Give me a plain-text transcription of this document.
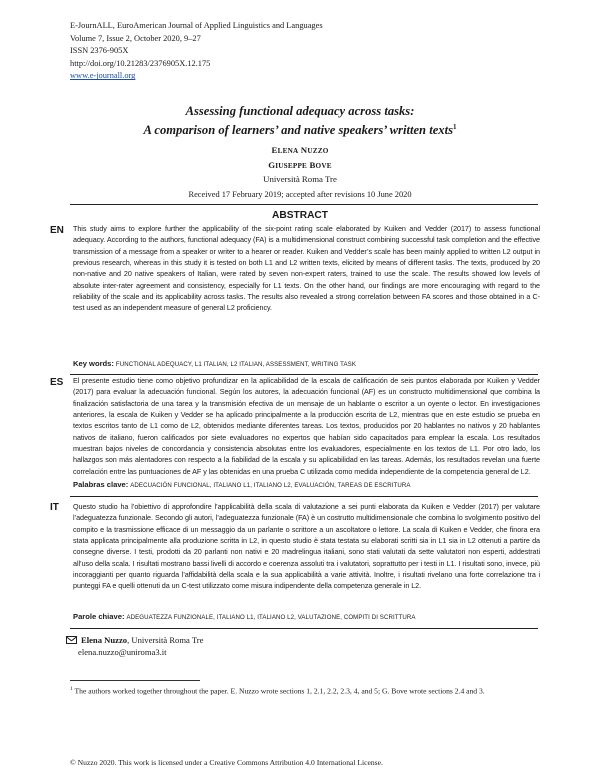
E-JournALL, EuroAmerican Journal of Applied Linguistics and Languages
Volume 7, Issue 2, October 2020, 9–27
ISSN 2376-905X
http://doi.org/10.21283/2376905X.12.175
www.e-journall.org
Assessing functional adequacy across tasks:
A comparison of learners’ and native speakers’ written texts$^1$
ELENA NUZZO
GIUSEPPE BOVE
Università Roma Tre
Received 17 February 2019; accepted after revisions 10 June 2020
ABSTRACT
EN This study aims to explore further the applicability of the six-point rating scale elaborated by Kuiken and Vedder (2017) to assess functional adequacy. According to the authors, functional adequacy (FA) is a multidimensional construct combining successful task completion and the effective transmission of a message from a speaker or writer to a hearer or reader. Kuiken and Vedder’s scale has been mainly applied to written L2 output in previous research, whereas in this study it is tested on both L1 and L2 written texts, elicited by means of different tasks. The texts, produced by 20 non-native and 20 native speakers of Italian, were rated by seven non-expert raters, trained to use the scale. The results showed low levels of absolute inter-rater agreement and consistency, especially for L1 texts. On the other hand, our findings are more encouraging with regard to the reliability of the scale and its applicability across tasks. The results also revealed a strong correlation between FA scores and those obtained in a C-test used as an independent measure of general L2 proficiency.
Key words: FUNCTIONAL ADEQUACY, L1 ITALIAN, L2 ITALIAN, ASSESSMENT, WRITING TASK
ES El presente estudio tiene como objetivo profundizar en la aplicabilidad de la escala de calificación de seis puntos elaborada por Kuiken y Vedder (2017) para evaluar la adecuación funcional. Según los autores, la adecuación funcional (AF) es un constructo multidimensional que combina la finalización satisfactoria de una tarea y la transmisión efectiva de un mensaje de un hablante o escritor a un oyente o lector. En investigaciones anteriores, la escala de Kuiken y Vedder se ha aplicado principalmente a la producción escrita de L2, mientras que en este estudio se prueba en textos escritos tanto de L1 como de L2, obtenidos mediante diferentes tareas. Los textos, producidos por 20 hablantes no nativos y 20 hablantes nativos de italiano, fueron calificados por siete evaluadores no expertos que habían sido capacitados para emplear la escala. Los resultados muestran bajos niveles de concordancia y consistencia absolutas entre los evaluadores, especialmente en los textos de L1. Por otro lado, los hallazgos son más alentadores con respecto a la fiabilidad de la escala y su aplicabilidad en las tareas. Además, los resultados revelan una fuerte correlación entre las puntuaciones de AF y las obtenidas en una prueba C utilizada como medida independiente de la competencia general de L2.
Palabras clave: ADECUACIÓN FUNCIONAL, ITALIANO L1, ITALIANO L2, EVALUACIÓN, TAREAS DE ESCRITURA
IT Questo studio ha l’obiettivo di approfondire l’applicabilità della scala di valutazione a sei punti elaborata da Kuiken e Vedder (2017) per valutare l’adeguatezza funzionale. Secondo gli autori, l’adeguatezza funzionale (FA) è un costrutto multidimensionale che combina lo svolgimento positivo del compito e la trasmissione efficace di un messaggio da un parlante o scrittore a un ascoltatore o lettore. La scala di Kuiken e Vedder, che finora era stata applicata principalmente alla produzione scritta in L2, in questo studio è stata testata su elaborati scritti sia in L1 sia in L2 ottenuti a partire da consegne diverse. I testi, prodotti da 20 parlanti non nativi e 20 madrelingua italiani, sono stati valutati da sette valutatori non esperti, addestrati all’uso della scala. I risultati mostrano bassi livelli di accordo e coerenza assoluti tra i valutatori, soprattutto per i testi in L1. I risultati sono, invece, più incoraggianti per quanto riguarda l’affidabilità della scala e la sua applicabilità a varie attività. Inoltre, i risultati rivelano una forte correlazione tra i punteggi FA e quelli ottenuti da un C-test utilizzato come misura indipendente della competenza generale in L2.
Parole chiave: ADEGUATEZZA FUNZIONALE, ITALIANO L1, ITALIANO L2, VALUTAZIONE, COMPITI DI SCRITTURA
Elena Nuzzo, Università Roma Tre
elena.nuzzo@uniroma3.it
$^1$ The authors worked together throughout the paper. E. Nuzzo wrote sections 1, 2.1, 2.2, 2.3, 4, and 5; G. Bove wrote sections 2.4 and 3.
© Nuzzo 2020. This work is licensed under a Creative Commons Attribution 4.0 International License.
